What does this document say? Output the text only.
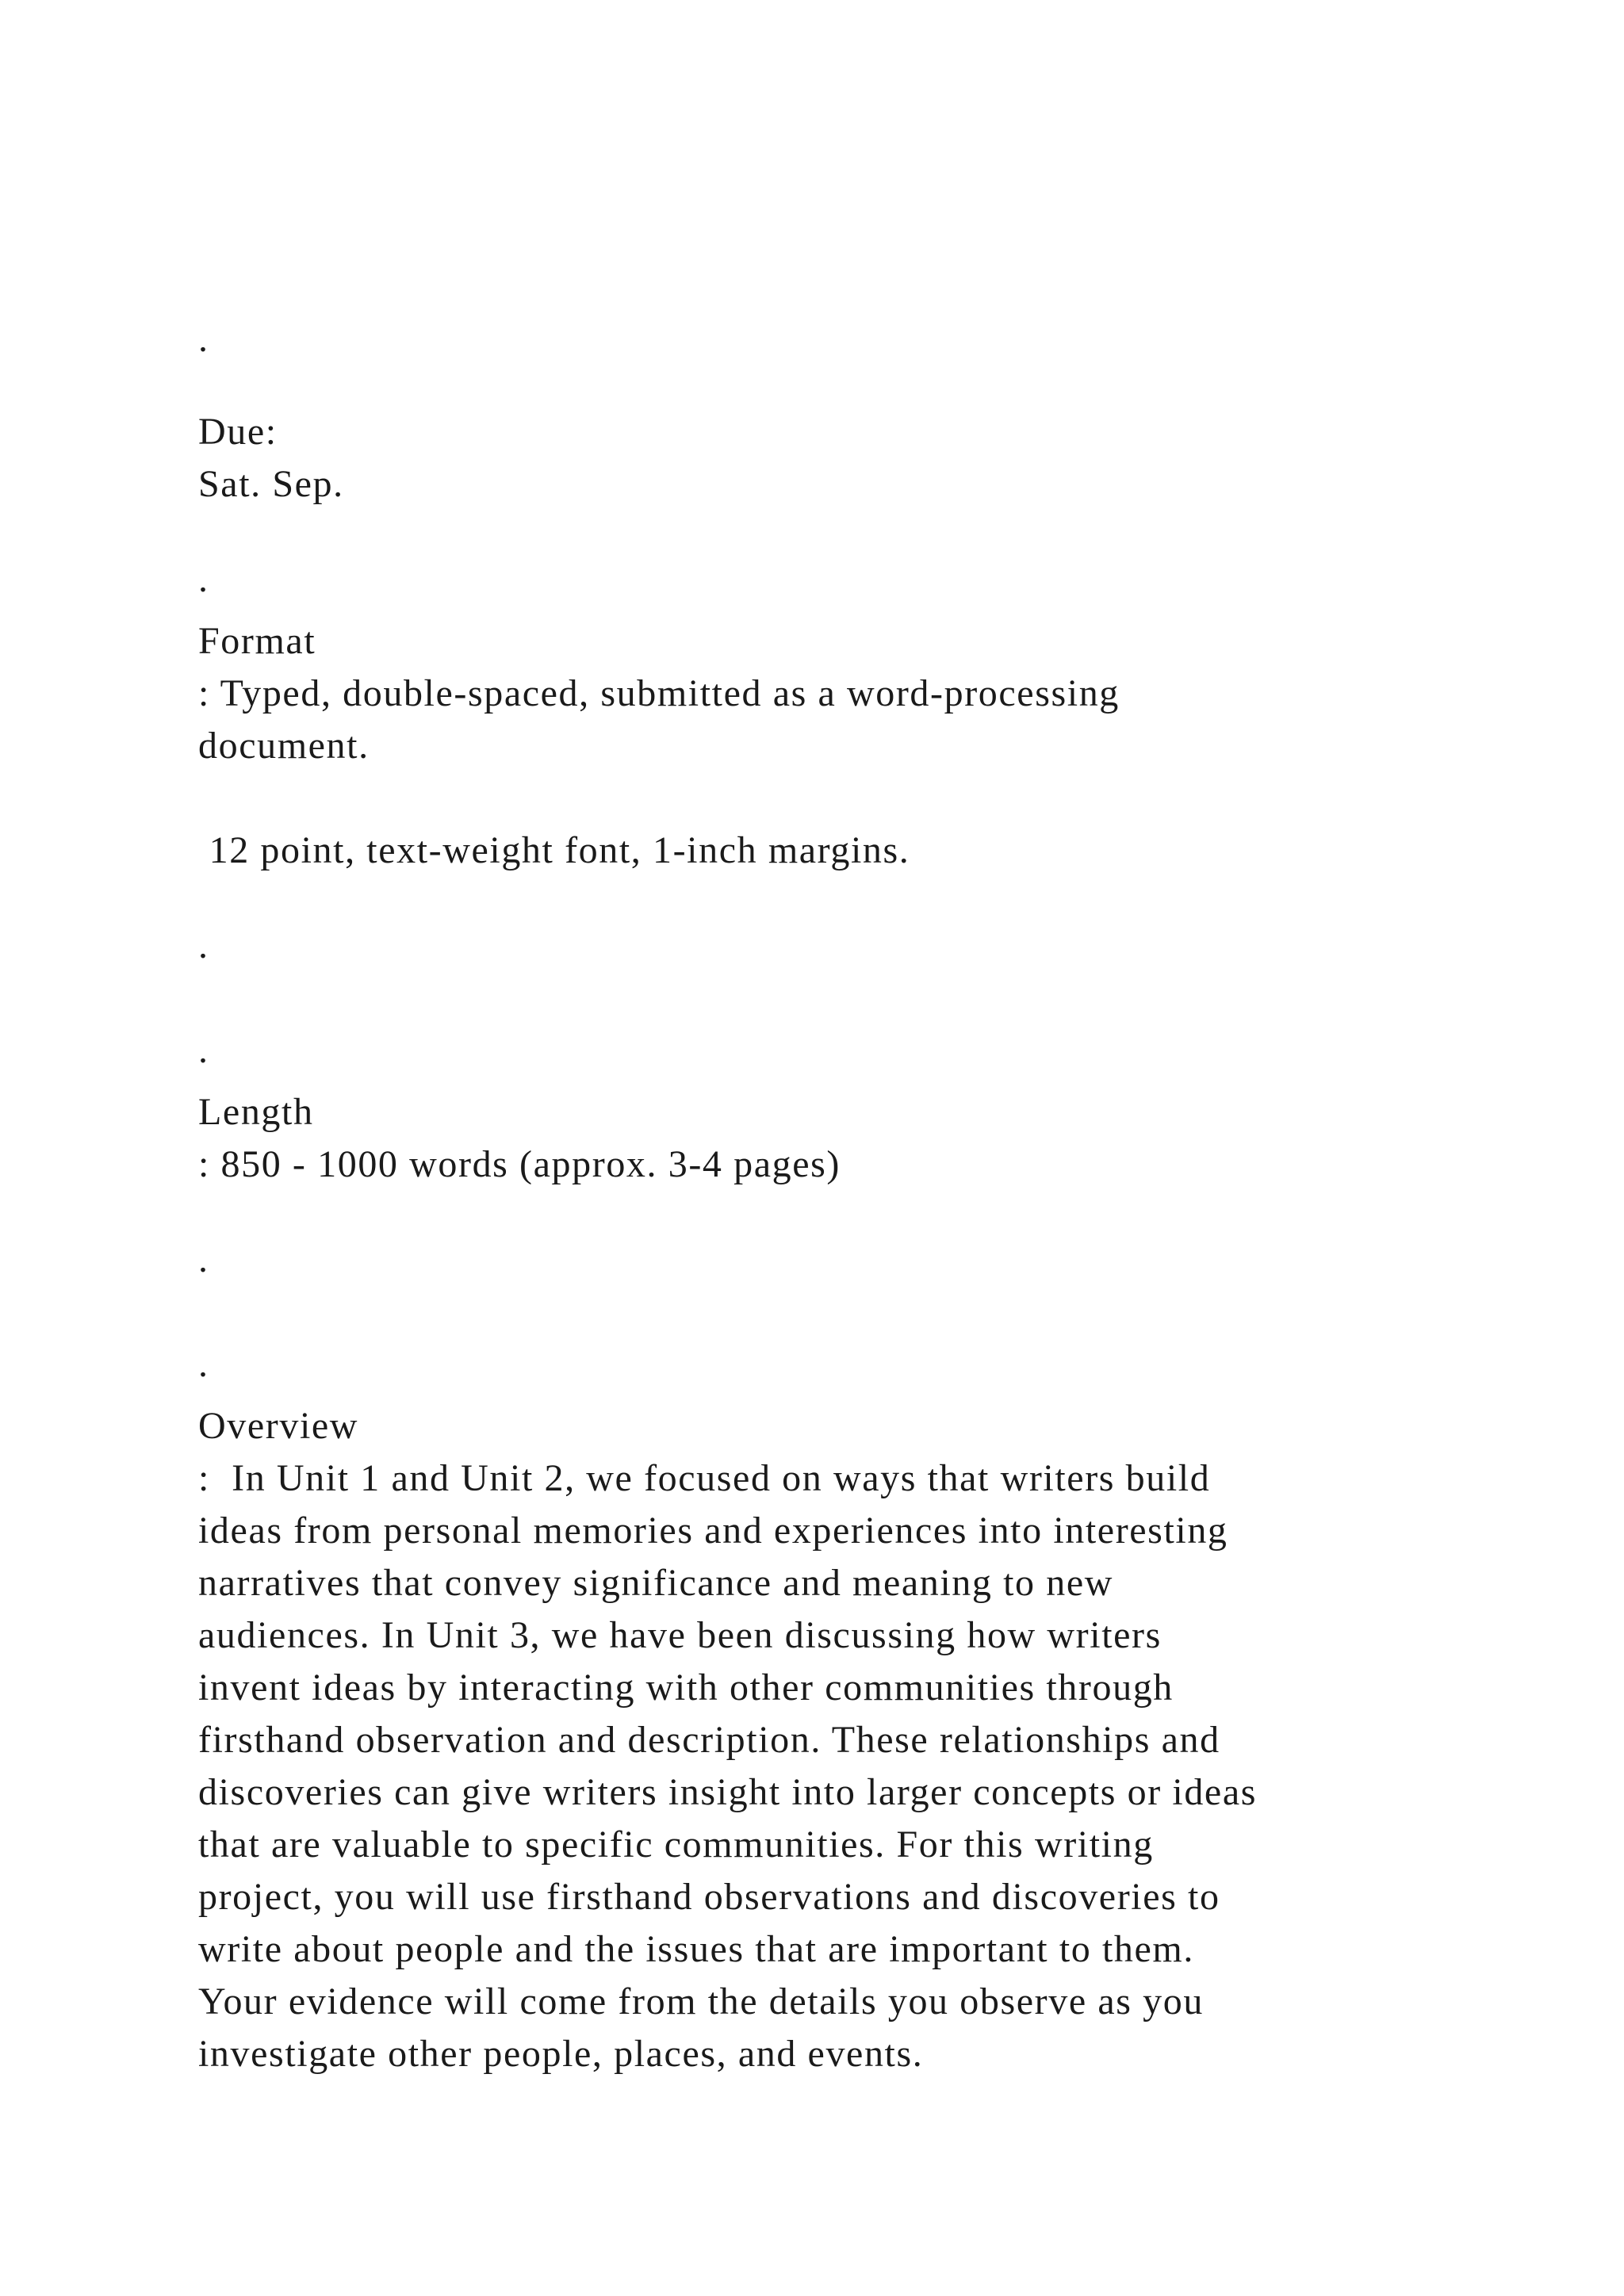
.

Due:

Sat. Sep.

.

Format

: Typed, double-spaced, submitted as a word-processing

document.

12 point, text-weight font, 1-inch margins.

.

.

Length

: 850 - 1000 words (approx. 3-4 pages)

.

.

Overview

:  In Unit 1 and Unit 2, we focused on ways that writers build

ideas from personal memories and experiences into interesting

narratives that convey significance and meaning to new

audiences. In Unit 3, we have been discussing how writers

invent ideas by interacting with other communities through

firsthand observation and description. These relationships and

discoveries can give writers insight into larger concepts or ideas

that are valuable to specific communities. For this writing

project, you will use firsthand observations and discoveries to

write about people and the issues that are important to them.

Your evidence will come from the details you observe as you

investigate other people, places, and events.
